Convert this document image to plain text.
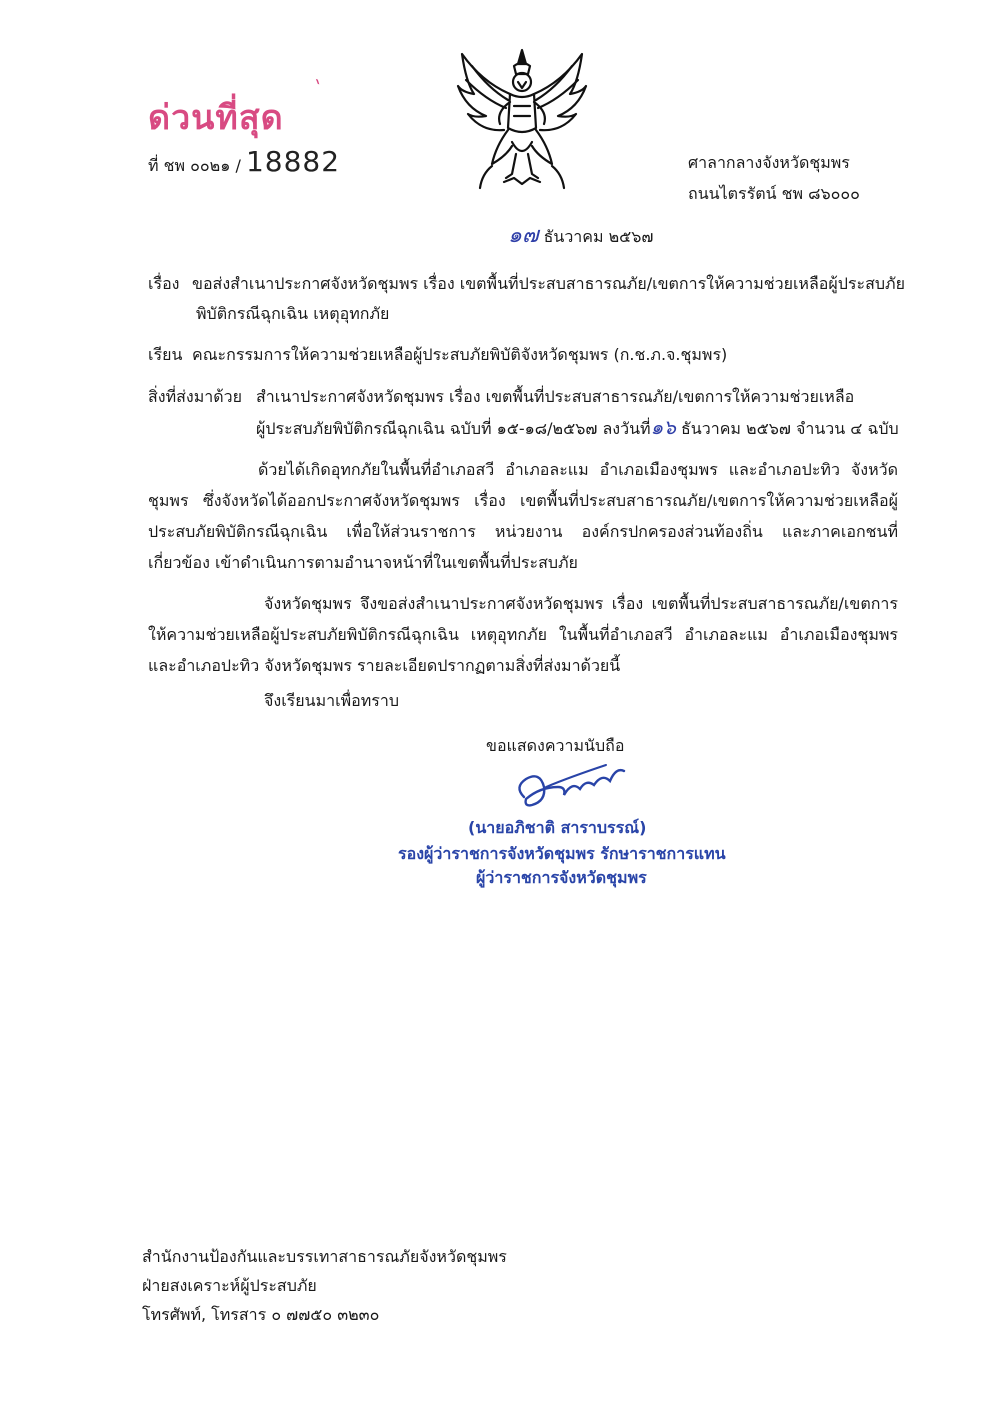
ด่วนที่สุด
ˋ
ที่ ชพ ๐๐๒๑ / 18882	ศาลากลางจังหวัดชุมพร
ถนนไตรรัตน์ ชพ ๘๖๐๐๐
๑๗ ธันวาคม ๒๕๖๗
เรื่อง ขอส่งสำเนาประกาศจังหวัดชุมพร เรื่อง เขตพื้นที่ประสบสาธารณภัย/เขตการให้ความช่วยเหลือผู้ประสบภัย
พิบัติกรณีฉุกเฉิน เหตุอุทกภัย
เรียน คณะกรรมการให้ความช่วยเหลือผู้ประสบภัยพิบัติจังหวัดชุมพร (ก.ช.ภ.จ.ชุมพร)
สิ่งที่ส่งมาด้วย สำเนาประกาศจังหวัดชุมพร เรื่อง เขตพื้นที่ประสบสาธารณภัย/เขตการให้ความช่วยเหลือ
ผู้ประสบภัยพิบัติกรณีฉุกเฉิน ฉบับที่ ๑๕-๑๘/๒๕๖๗ ลงวันที่๑๖ ธันวาคม ๒๕๖๗ จำนวน ๔ ฉบับ
ด้วยได้เกิดอุทกภัยในพื้นที่อำเภอสวี อำเภอละแม อำเภอเมืองชุมพร และอำเภอปะทิว จังหวัดชุมพร ซึ่งจังหวัดได้ออกประกาศจังหวัดชุมพร เรื่อง เขตพื้นที่ประสบสาธารณภัย/เขตการให้ความช่วยเหลือผู้ประสบภัยพิบัติกรณีฉุกเฉิน เพื่อให้ส่วนราชการ หน่วยงาน องค์กรปกครองส่วนท้องถิ่น และภาคเอกชนที่เกี่ยวข้อง เข้าดำเนินการตามอำนาจหน้าที่ในเขตพื้นที่ประสบภัย
จังหวัดชุมพร จึงขอส่งสำเนาประกาศจังหวัดชุมพร เรื่อง เขตพื้นที่ประสบสาธารณภัย/เขตการให้ความช่วยเหลือผู้ประสบภัยพิบัติกรณีฉุกเฉิน เหตุอุทกภัย ในพื้นที่อำเภอสวี อำเภอละแม อำเภอเมืองชุมพร และอำเภอปะทิว จังหวัดชุมพร รายละเอียดปรากฏตามสิ่งที่ส่งมาด้วยนี้
จึงเรียนมาเพื่อทราบ
ขอแสดงความนับถือ
(นายอภิชาติ สาราบรรณ์)
รองผู้ว่าราชการจังหวัดชุมพร รักษาราชการแทน
ผู้ว่าราชการจังหวัดชุมพร
สำนักงานป้องกันและบรรเทาสาธารณภัยจังหวัดชุมพร
ฝ่ายสงเคราะห์ผู้ประสบภัย
โทรศัพท์, โทรสาร ๐ ๗๗๕๐ ๓๒๓๐
